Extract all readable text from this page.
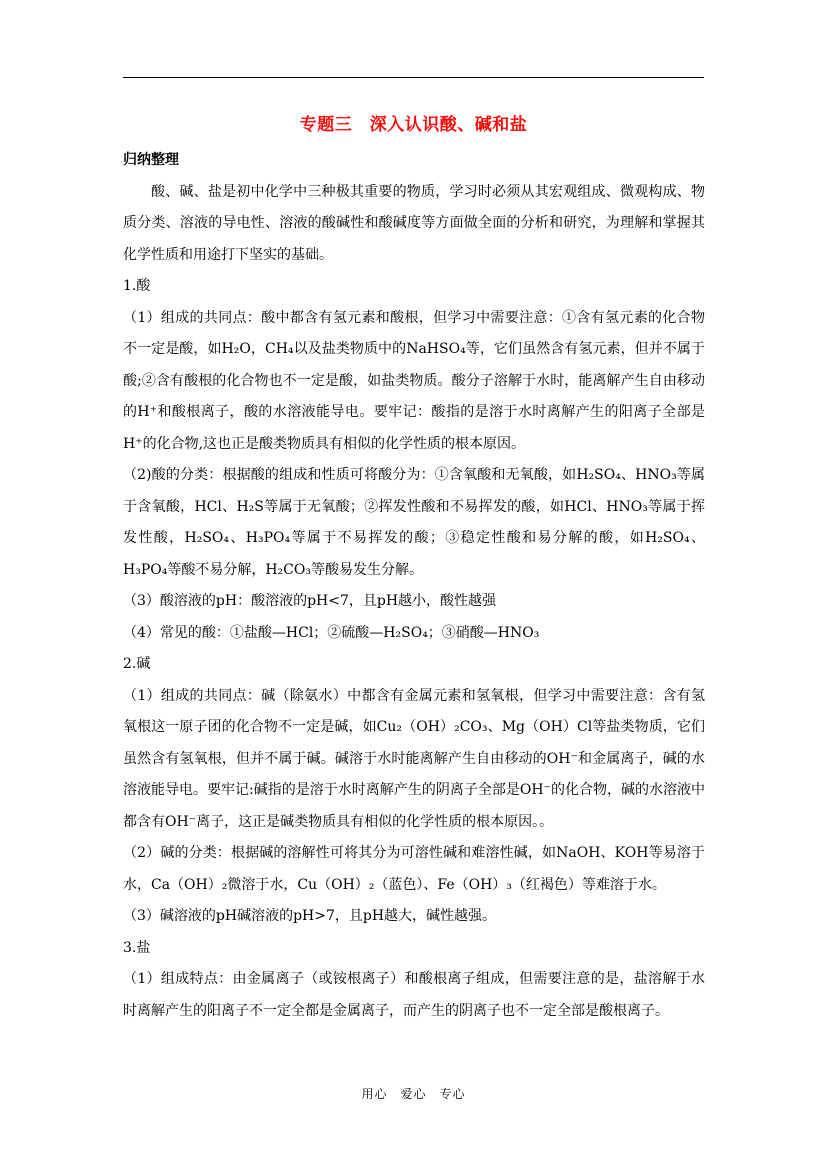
专题三　深入认识酸、碱和盐

归纳整理

酸、碱、盐是初中化学中三种极其重要的物质，学习时必须从其宏观组成、微观构成、物质分类、溶液的导电性、溶液的酸碱性和酸碱度等方面做全面的分析和研究，为理解和掌握其化学性质和用途打下坚实的基础。

1.酸

（1）组成的共同点：酸中都含有氢元素和酸根，但学习中需要注意：①含有氢元素的化合物不一定是酸，如H₂O，CH₄以及盐类物质中的NaHSO₄等，它们虽然含有氢元素，但并不属于酸;②含有酸根的化合物也不一定是酸，如盐类物质。酸分子溶解于水时，能离解产生自由移动的H⁺和酸根离子，酸的水溶液能导电。要牢记：酸指的是溶于水时离解产生的阳离子全部是H⁺的化合物,这也正是酸类物质具有相似的化学性质的根本原因。

（2)酸的分类：根据酸的组成和性质可将酸分为：①含氧酸和无氧酸，如H₂SO₄、HNO₃等属于含氧酸，HCl、H₂S等属于无氧酸；②挥发性酸和不易挥发的酸，如HCl、HNO₃等属于挥发性酸，H₂SO₄、H₃PO₄等属于不易挥发的酸；③稳定性酸和易分解的酸，如H₂SO₄、H₃PO₄等酸不易分解，H₂CO₃等酸易发生分解。

（3）酸溶液的pH：酸溶液的pH<7，且pH越小，酸性越强

（4）常见的酸：①盐酸—HCl；②硫酸—H₂SO₄；③硝酸—HNO₃

2.碱

（1）组成的共同点：碱（除氨水）中都含有金属元素和氢氧根，但学习中需要注意：含有氢氧根这一原子团的化合物不一定是碱，如Cu₂（OH）₂CO₃、Mg（OH）Cl等盐类物质，它们虽然含有氢氧根，但并不属于碱。碱溶于水时能离解产生自由移动的OH⁻和金属离子，碱的水溶液能导电。要牢记:碱指的是溶于水时离解产生的阴离子全部是OH⁻的化合物，碱的水溶液中都含有OH⁻离子，这正是碱类物质具有相似的化学性质的根本原因。。

（2）碱的分类：根据碱的溶解性可将其分为可溶性碱和难溶性碱，如NaOH、KOH等易溶于水，Ca（OH）₂微溶于水，Cu（OH）₂（蓝色）、Fe（OH）₃（红褐色）等难溶于水。

（3）碱溶液的pH碱溶液的pH>7，且pH越大，碱性越强。

3.盐

（1）组成特点：由金属离子（或铵根离子）和酸根离子组成，但需要注意的是，盐溶解于水时离解产生的阳离子不一定全都是金属离子，而产生的阴离子也不一定全部是酸根离子。

用心　爱心　专心
